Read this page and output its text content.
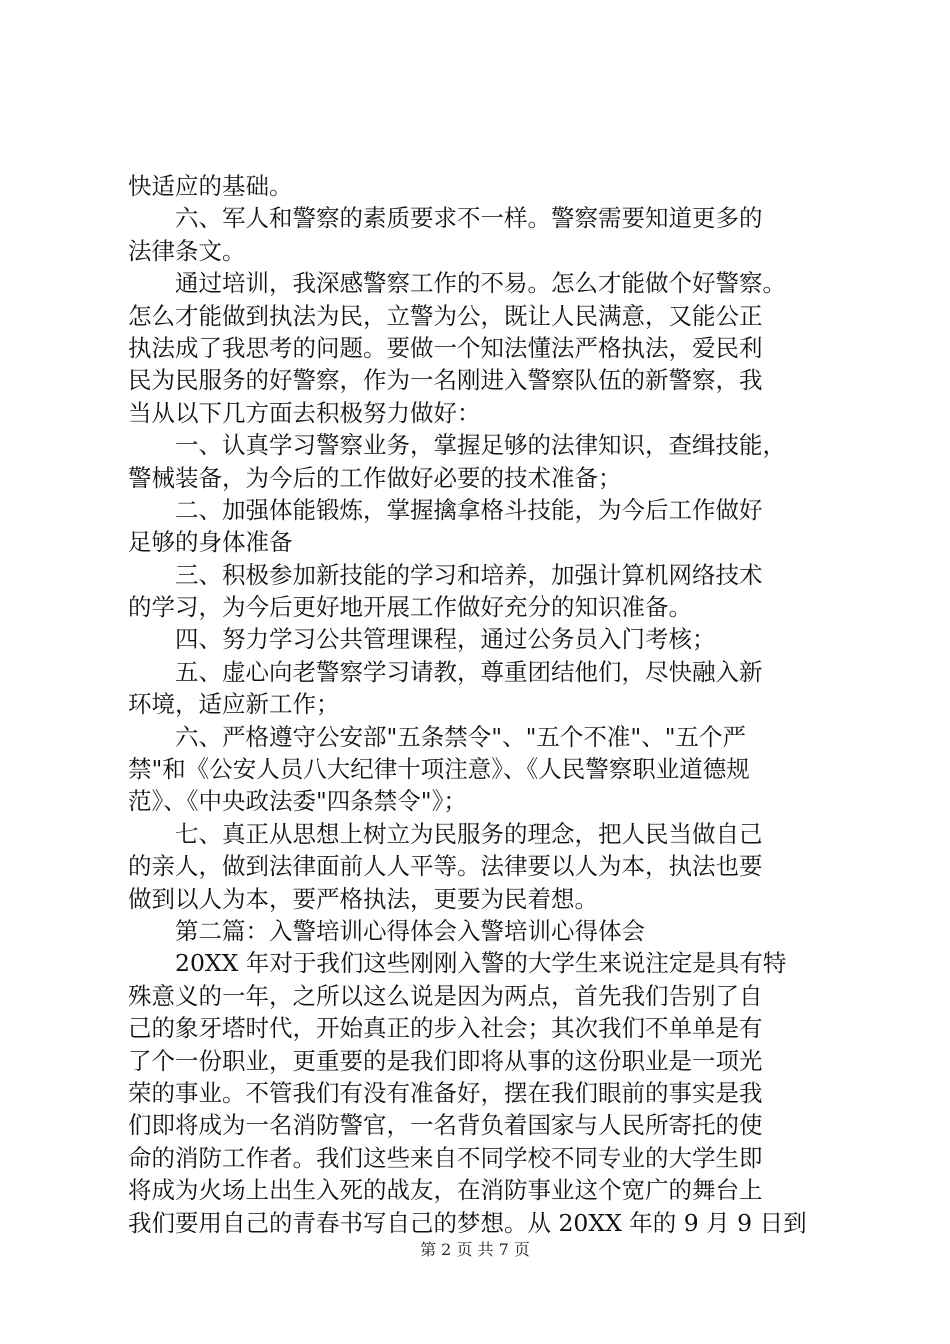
快适应的基础。
六、军人和警察的素质要求不一样。警察需要知道更多的
法律条文。
通过培训，我深感警察工作的不易。怎么才能做个好警察。
怎么才能做到执法为民，立警为公，既让人民满意，又能公正
执法成了我思考的问题。要做一个知法懂法严格执法，爱民利
民为民服务的好警察，作为一名刚进入警察队伍的新警察，我
当从以下几方面去积极努力做好：
一、认真学习警察业务，掌握足够的法律知识，查缉技能，
警械装备，为今后的工作做好必要的技术准备；
二、加强体能锻炼，掌握擒拿格斗技能，为今后工作做好
足够的身体准备
三、积极参加新技能的学习和培养，加强计算机网络技术
的学习，为今后更好地开展工作做好充分的知识准备。
四、努力学习公共管理课程，通过公务员入门考核；
五、虚心向老警察学习请教，尊重团结他们，尽快融入新
环境，适应新工作；
六、严格遵守公安部"五条禁令"、"五个不准"、"五个严
禁"和《公安人员八大纪律十项注意》、《人民警察职业道德规
范》、《中央政法委"四条禁令"》；
七、真正从思想上树立为民服务的理念，把人民当做自己
的亲人，做到法律面前人人平等。法律要以人为本，执法也要
做到以人为本，要严格执法，更要为民着想。
第二篇：入警培训心得体会入警培训心得体会
20XX 年对于我们这些刚刚入警的大学生来说注定是具有特
殊意义的一年，之所以这么说是因为两点，首先我们告别了自
己的象牙塔时代，开始真正的步入社会；其次我们不单单是有
了个一份职业，更重要的是我们即将从事的这份职业是一项光
荣的事业。不管我们有没有准备好，摆在我们眼前的事实是我
们即将成为一名消防警官，一名背负着国家与人民所寄托的使
命的消防工作者。我们这些来自不同学校不同专业的大学生即
将成为火场上出生入死的战友，在消防事业这个宽广的舞台上
我们要用自己的青春书写自己的梦想。从 20XX 年的 9 月 9 日到
第 2 页 共 7 页
